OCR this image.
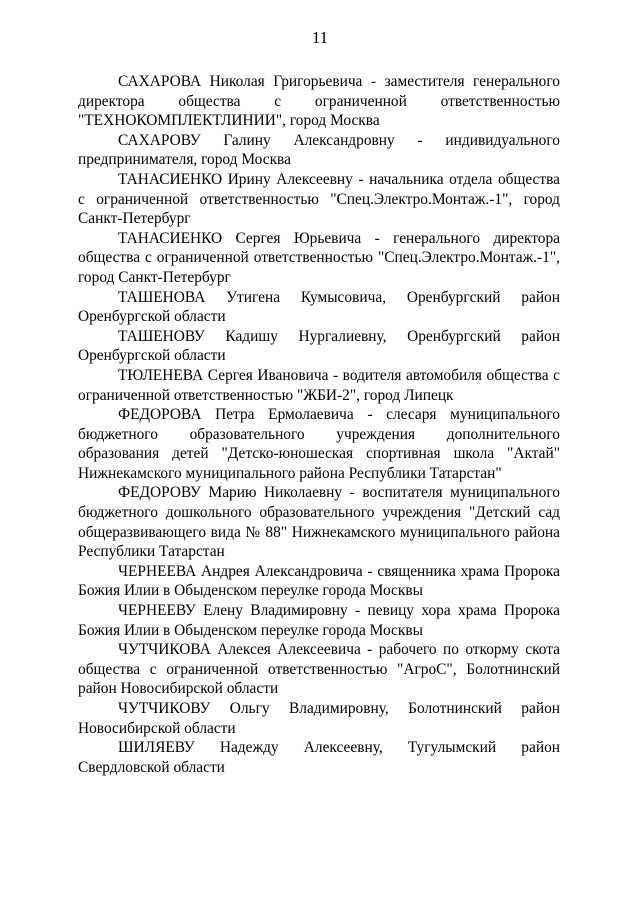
11

САХАРОВА Николая Григорьевича - заместителя генерального директора общества с ограниченной ответственностью "ТЕХНОКОМПЛЕКТЛИНИИ", город Москва

САХАРОВУ Галину Александровну - индивидуального предпринимателя, город Москва

ТАНАСИЕНКО Ирину Алексеевну - начальника отдела общества с ограниченной ответственностью "Спец.Электро.Монтаж.-1", город Санкт-Петербург

ТАНАСИЕНКО Сергея Юрьевича - генерального директора общества с ограниченной ответственностью "Спец.Электро.Монтаж.-1", город Санкт-Петербург

ТАШЕНОВА Утигена Кумысовича, Оренбургский район Оренбургской области

ТАШЕНОВУ Кадишу Нургалиевну, Оренбургский район Оренбургской области

ТЮЛЕНЕВА Сергея Ивановича - водителя автомобиля общества с ограниченной ответственностью "ЖБИ-2", город Липецк

ФЕДОРОВА Петра Ермолаевича - слесаря муниципального бюджетного образовательного учреждения дополнительного образования детей "Детско-юношеская спортивная школа "Актай" Нижнекамского муниципального района Республики Татарстан"

ФЕДОРОВУ Марию Николаевну - воспитателя муниципального бюджетного дошкольного образовательного учреждения "Детский сад общеразвивающего вида № 88" Нижнекамского муниципального района Республики Татарстан

ЧЕРНЕЕВА Андрея Александровича - священника храма Пророка Божия Илии в Обыденском переулке города Москвы

ЧЕРНЕЕВУ Елену Владимировну - певицу хора храма Пророка Божия Илии в Обыденском переулке города Москвы

ЧУТЧИКОВА Алексея Алексеевича - рабочего по откорму скота общества с ограниченной ответственностью "АгроС", Болотнинский район Новосибирской области

ЧУТЧИКОВУ Ольгу Владимировну, Болотнинский район Новосибирской области

ШИЛЯЕВУ Надежду Алексеевну, Тугулымский район Свердловской области
